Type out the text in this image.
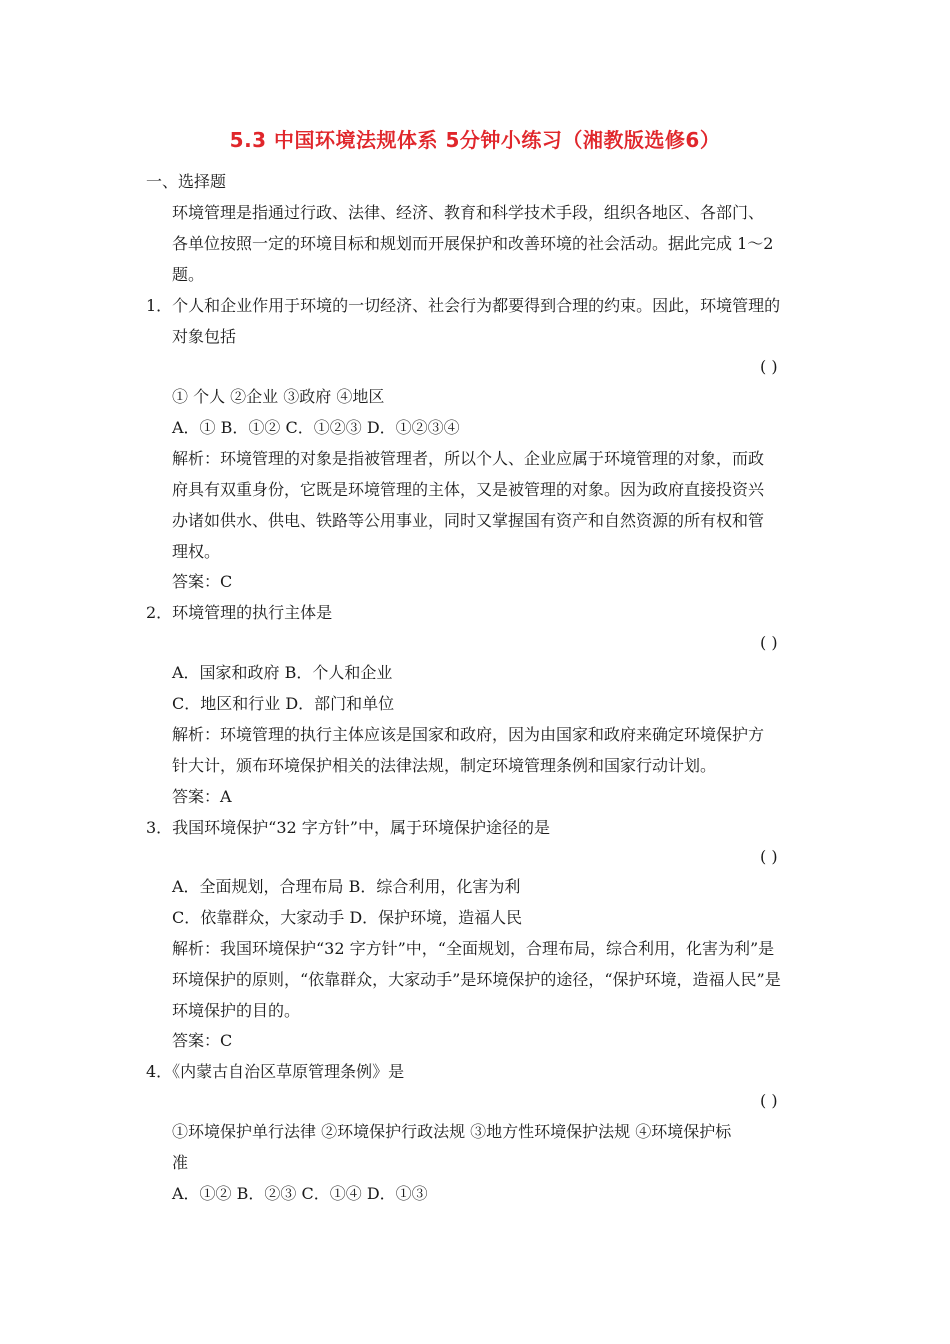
5.3 中国环境法规体系 5分钟小练习（湘教版选修6）
一、选择题
环境管理是指通过行政、法律、经济、教育和科学技术手段，组织各地区、各部门、
各单位按照一定的环境目标和规划而开展保护和改善环境的社会活动。据此完成 1～2
题。
1．个人和企业作用于环境的一切经济、社会行为都要得到合理的约束。因此，环境管理的
对象包括
( )
① 个人 ②企业 ③政府 ④地区
A．① B．①② C．①②③ D．①②③④
解析：环境管理的对象是指被管理者，所以个人、企业应属于环境管理的对象，而政
府具有双重身份，它既是环境管理的主体，又是被管理的对象。因为政府直接投资兴
办诸如供水、供电、铁路等公用事业，同时又掌握国有资产和自然资源的所有权和管
理权。
答案：C
2．环境管理的执行主体是
( )
A．国家和政府 B．个人和企业
C．地区和行业 D．部门和单位
解析：环境管理的执行主体应该是国家和政府，因为由国家和政府来确定环境保护方
针大计，颁布环境保护相关的法律法规，制定环境管理条例和国家行动计划。
答案：A
3．我国环境保护“32 字方针”中，属于环境保护途径的是
( )
A．全面规划，合理布局 B．综合利用，化害为利
C．依靠群众，大家动手 D．保护环境，造福人民
解析：我国环境保护“32 字方针”中，“全面规划，合理布局，综合利用，化害为利”是
环境保护的原则，“依靠群众，大家动手”是环境保护的途径，“保护环境，造福人民”是
环境保护的目的。
答案：C
4．《内蒙古自治区草原管理条例》是
( )
①环境保护单行法律 ②环境保护行政法规 ③地方性环境保护法规 ④环境保护标
准
A．①② B．②③ C．①④ D．①③
